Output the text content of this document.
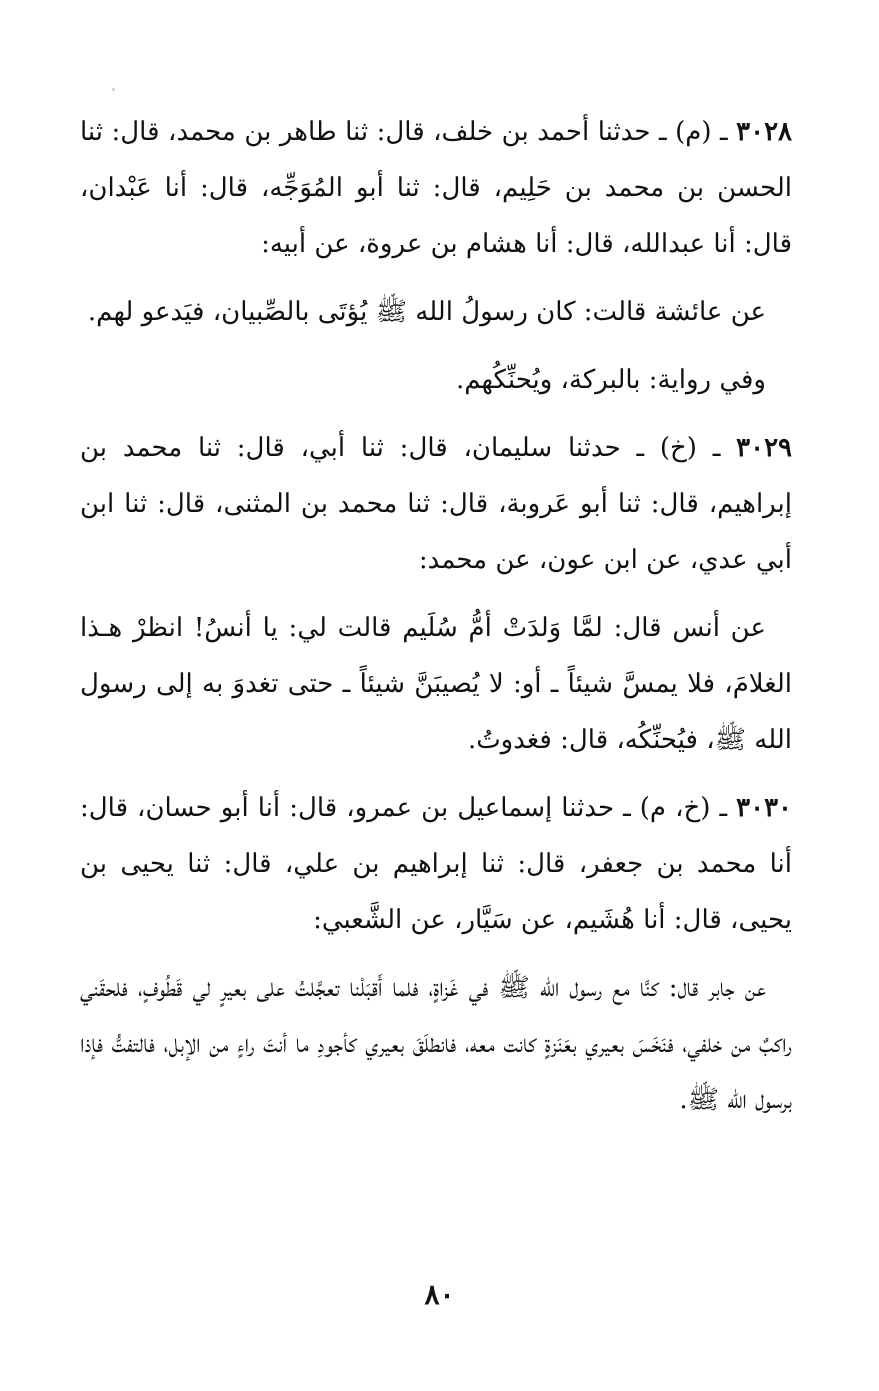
٣٠٢٨ ـ (م) ـ حدثنا أحمد بن خلف، قال: ثنا طاهر بن محمد، قال: ثنا الحسن بن محمد بن حَلِيم، قال: ثنا أبو المُوَجِّه، قال: أنا عَبْدان، قال: أنا عبدالله، قال: أنا هشام بن عروة، عن أبيه:

عن عائشة قالت: كان رسولُ الله ﷺ يُؤتَى بالصِّبيان، فيَدعو لهم.

وفي رواية: بالبركة، ويُحنِّكُهم.

٣٠٢٩ ـ (خ) ـ حدثنا سليمان، قال: ثنا أبي، قال: ثنا محمد بن إبراهيم، قال: ثنا أبو عَروبة، قال: ثنا محمد بن المثنى، قال: ثنا ابن أبي عدي، عن ابن عون، عن محمد:

عن أنس قال: لمَّا وَلدَتْ أمُّ سُلَيم قالت لي: يا أنسُ! انظرْ هـذا الغلامَ، فلا يمسَّ شيئاً ـ أو: لا يُصيبَنَّ شيئاً ـ حتى تغدوَ به إلى رسول الله ﷺ، فيُحنِّكُه، قال: فغدوتُ.

٣٠٣٠ ـ (خ، م) ـ حدثنا إسماعيل بن عمرو، قال: أنا أبو حسان، قال: أنا محمد بن جعفر، قال: ثنا إبراهيم بن علي، قال: ثنا يحيى بن يحيى، قال: أنا هُشَيم، عن سَيَّار، عن الشَّعبي:

عن جابر قال: كنَّا مع رسول الله ﷺ في غَزاةٍ، فلما أَقبَلْنا تعجَّلتُ على بعيرٍ لي قَطُوفٍ، فلحقَني راكبٌ من خلفي، فنَخَسَ بعيري بعَنَزةٍ كانت معه، فانطلَقَ بعيري كأجودِ ما أنتَ راءٍ من الإبل، فالتفتُّ فإذا برسول الله ﷺ.

٨٠
